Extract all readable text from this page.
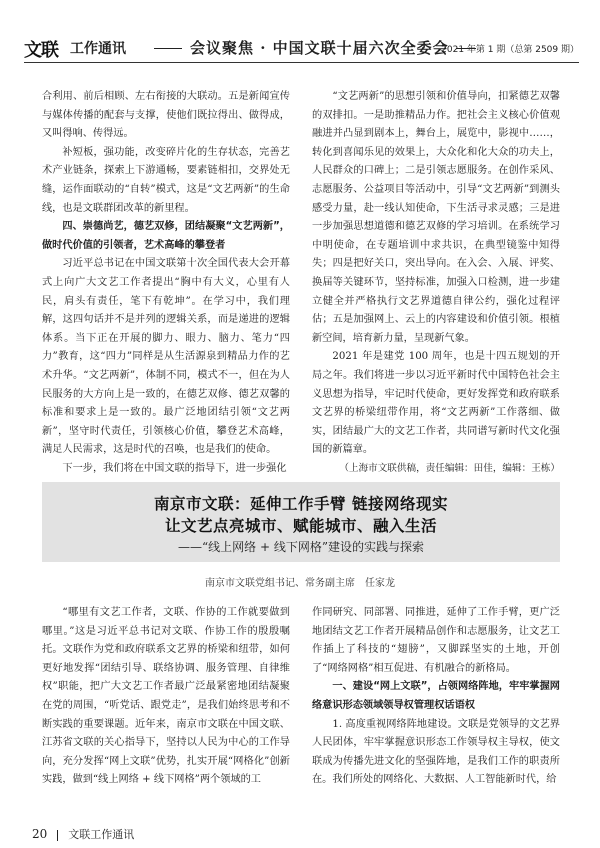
文联 工作通讯	会议聚焦 · 中国文联十届六次全委会
2021 年第 1 期（总第 2509 期）

合利用、前后相顾、左右衔接的大联动。五是新闻宣传与媒体传播的配套与支撑，使他们既拉得出、做得成，又叫得响、传得远。

补短板，强功能，改变碎片化的生存状态，完善艺术产业链条，探索上下游通畅，要素链相扣，交界处无缝，运作面联动的“自转”模式，这是“文艺两新”的生命线，也是文联群团改革的新里程。

四、崇德尚艺，德艺双修，团结凝聚“文艺两新”，做时代价值的引领者，艺术高峰的攀登者

习近平总书记在中国文联第十次全国代表大会开幕式上向广大文艺工作者提出“胸中有大义，心里有人民，肩头有责任，笔下有乾坤”。在学习中，我们理解，这四句话并不是并列的逻辑关系，而是递进的逻辑体系。当下正在开展的脚力、眼力、脑力、笔力“四力”教育，这“四力”同样是从生活源泉到精品力作的艺术升华。“文艺两新”，体制不同，模式不一，但在为人民服务的大方向上是一致的，在德艺双修、德艺双馨的标准和要求上是一致的。最广泛地团结引领“文艺两新”，坚守时代责任，引领核心价值，攀登艺术高峰，满足人民需求，这是时代的召唤，也是我们的使命。

下一步，我们将在中国文联的指导下，进一步强化

“文艺两新”的思想引领和价值导向，扣紧德艺双馨的双排扣。一是助推精品力作。把社会主义核心价值观融进并凸显到剧本上，舞台上，展览中，影视中……，转化到喜闻乐见的效果上，大众化和化大众的功夫上，人民群众的口碑上；二是引领志愿服务。在创作采风、志愿服务、公益项目等活动中，引导“文艺两新”到测头感受力量，赴一线认知使命，下生活寻求灵感；三是进一步加强思想道德和德艺双修的学习培训。在系统学习中明使命，在专题培训中求共识，在典型镜鉴中知得失；四是把好关口，突出导向。在入会、入展、评奖、换届等关键环节，坚持标准，加强入口检测，进一步建立健全并严格执行文艺界道德自律公约，强化过程评估；五是加强网上、云上的内容建设和价值引领。根植新空间，培育新力量，呈现新气象。

2021 年是建党 100 周年，也是十四五规划的开局之年。我们将进一步以习近平新时代中国特色社会主义思想为指导，牢记时代使命，更好发挥党和政府联系文艺界的桥梁纽带作用，将“文艺两新”工作落细、做实，团结最广大的文艺工作者，共同谱写新时代文化强国的新篇章。

（上海市文联供稿，责任编辑：田佳，编辑：王栋）

南京市文联：延伸工作手臂 链接网络现实
让文艺点亮城市、赋能城市、融入生活
——“线上网络 + 线下网格”建设的实践与探索
南京市文联党组书记、常务副主席　任家龙

“哪里有文艺工作者，文联、作协的工作就要做到哪里。”这是习近平总书记对文联、作协工作的殷殷嘱托。文联作为党和政府联系文艺界的桥梁和纽带，如何更好地发挥“团结引导、联络协调、服务管理、自律维权”职能，把广大文艺工作者最广泛最紧密地团结凝聚在党的周围，“听党话、跟党走”，是我们始终思考和不断实践的重要课题。近年来，南京市文联在中国文联、江苏省文联的关心指导下，坚持以人民为中心的工作导向，充分发挥“网上文联”优势，扎实开展“网格化”创新实践，做到“线上网络 + 线下网格”两个领域的工

作同研究、同部署、同推进，延伸了工作手臂，更广泛地团结文艺工作者开展精品创作和志愿服务，让文艺工作插上了科技的“翅膀”，又脚踩坚实的土地，开创了“网络网格”相互促进、有机融合的新格局。

一、建设“网上文联”，占领网络阵地，牢牢掌握网络意识形态领域领导权管理权话语权

1. 高度重视网络阵地建设。文联是党领导的文艺界人民团体，牢牢掌握意识形态工作领导权主导权，使文联成为传播先进文化的坚强阵地，是我们工作的职责所在。我们所处的网络化、大数据、人工智能新时代，给

20 文联工作通讯
